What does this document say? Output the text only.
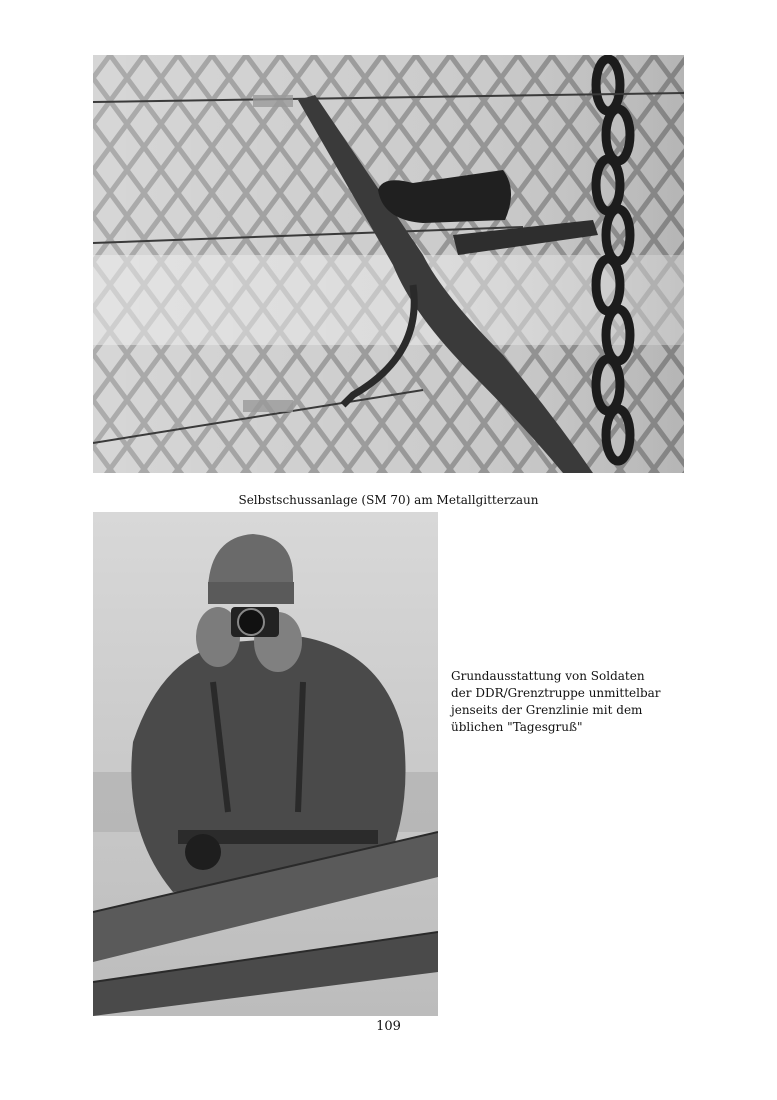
Selbstschussanlage (SM 70) am Metallgitterzaun
Grundausstattung von Soldaten
der DDR/Grenztruppe unmittelbar
jenseits der Grenzlinie mit dem
üblichen "Tagesgruß"
109
